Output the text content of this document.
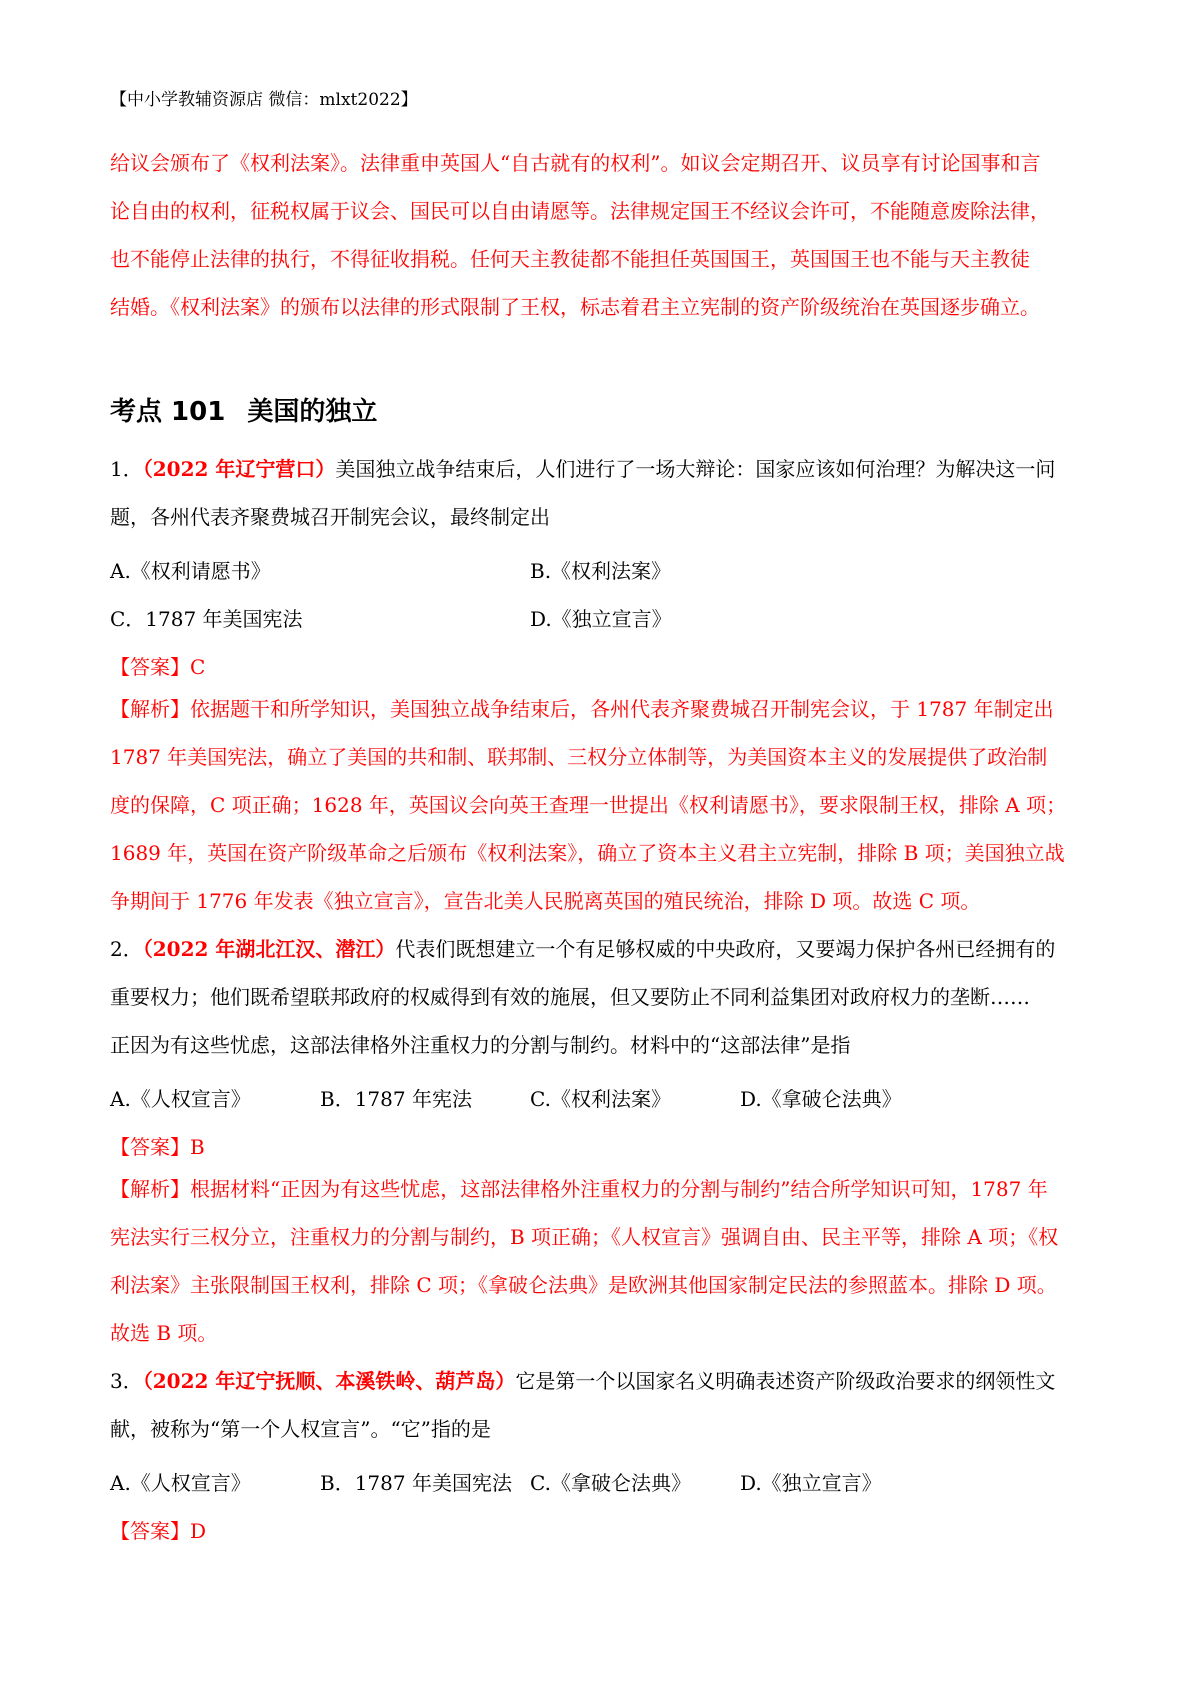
【中小学教辅资源店 微信：mlxt2022】

给议会颁布了《权利法案》。法律重申英国人“自古就有的权利”。如议会定期召开、议员享有讨论国事和言

论自由的权利，征税权属于议会、国民可以自由请愿等。法律规定国王不经议会许可，不能随意废除法律，

也不能停止法律的执行，不得征收捐税。任何天主教徒都不能担任英国国王，英国国王也不能与天主教徒

结婚。《权利法案》的颁布以法律的形式限制了王权，标志着君主立宪制的资产阶级统治在英国逐步确立。

考点 101 美国的独立

1．（2022 年辽宁营口）美国独立战争结束后，人们进行了一场大辩论：国家应该如何治理？为解决这一问

题，各州代表齐聚费城召开制宪会议，最终制定出

A.《权利请愿书》	B.《权利法案》
C．1787 年美国宪法	D.《独立宣言》
【答案】C

【解析】依据题干和所学知识，美国独立战争结束后，各州代表齐聚费城召开制宪会议，于 1787 年制定出

1787 年美国宪法，确立了美国的共和制、联邦制、三权分立体制等，为美国资本主义的发展提供了政治制

度的保障，C 项正确；1628 年，英国议会向英王查理一世提出《权利请愿书》，要求限制王权，排除 A 项；

1689 年，英国在资产阶级革命之后颁布《权利法案》，确立了资本主义君主立宪制，排除 B 项；美国独立战

争期间于 1776 年发表《独立宣言》，宣告北美人民脱离英国的殖民统治，排除 D 项。故选 C 项。

2．（2022 年湖北江汉、潜江）代表们既想建立一个有足够权威的中央政府，又要竭力保护各州已经拥有的

重要权力；他们既希望联邦政府的权威得到有效的施展，但又要防止不同利益集团对政府权力的垄断……

正因为有这些忧虑，这部法律格外注重权力的分割与制约。材料中的“这部法律”是指

A.《人权宣言》	B．1787 年宪法	C.《权利法案》	D.《拿破仑法典》
【答案】B

【解析】根据材料“正因为有这些忧虑，这部法律格外注重权力的分割与制约”结合所学知识可知，1787 年

宪法实行三权分立，注重权力的分割与制约，B 项正确；《人权宣言》强调自由、民主平等，排除 A 项；《权

利法案》主张限制国王权利，排除 C 项；《拿破仑法典》是欧洲其他国家制定民法的参照蓝本。排除 D 项。

故选 B 项。

3．（2022 年辽宁抚顺、本溪铁岭、葫芦岛）它是第一个以国家名义明确表述资产阶级政治要求的纲领性文

献，被称为“第一个人权宣言”。“它”指的是

A.《人权宣言》	B．1787 年美国宪法 C.《拿破仑法典》 D.《独立宣言》
【答案】D
